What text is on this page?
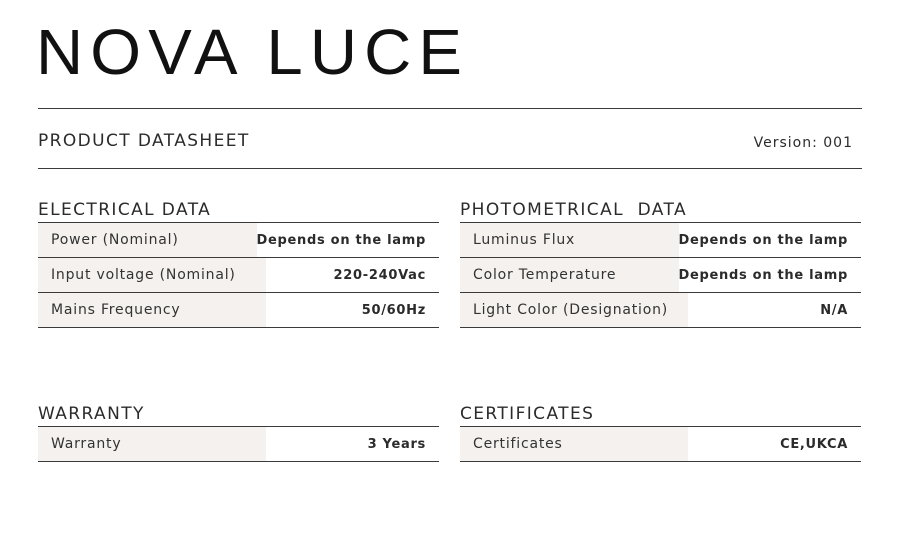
NOVA LUCE
PRODUCT DATASHEET	Version: 001
ELECTRICAL DATA
Power (Nominal)	Depends on the lamp
Input voltage (Nominal)	220-240Vac
Mains Frequency	50/60Hz
PHOTOMETRICAL  DATA
Luminus Flux	Depends on the lamp
Color Temperature	Depends on the lamp
Light Color (Designation)	N/A
WARRANTY
Warranty	3 Years
CERTIFICATES
Certificates	CE,UKCA
